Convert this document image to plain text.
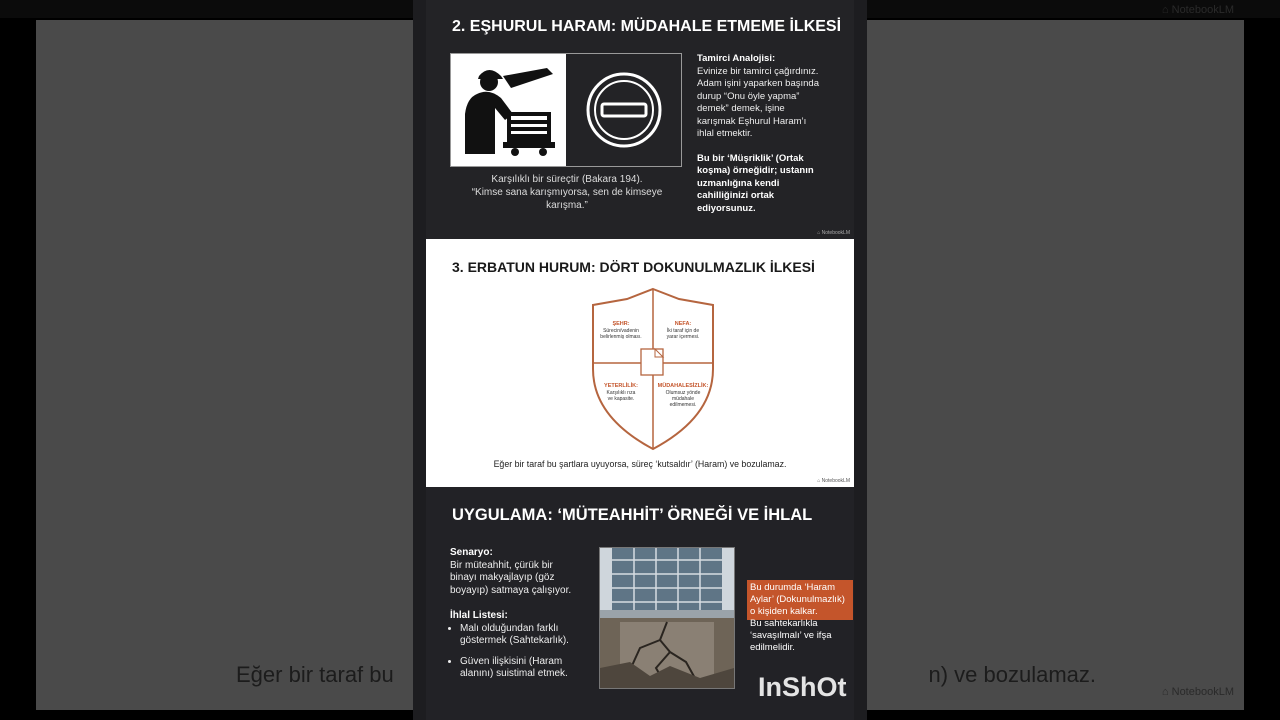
Eğer bir taraf bu	n) ve bozulamaz.
⌂ NotebookLM
⌂ NotebookLM
2. EŞHURUL HARAM: MÜDAHALE ETMEME İLKESİ
Karşılıklı bir süreçtir (Bakara 194).
“Kimse sana karışmıyorsa, sen de kimseye
karışma.”
Tamirci Analojisi:
Evinize bir tamirci çağırdınız.
Adam işini yaparken başında
durup “Onu öyle yapma”
demek” demek, işine
karışmak Eşhurul Haram’ı
ihlal etmektir.
Bu bir ‘Müşriklik’ (Ortak
koşma) örneğidir; ustanın
uzmanlığına kendi
cahilliğinizi ortak
ediyorsunuz.
⌂ NotebookLM
3. ERBATUN HURUM: DÖRT DOKUNULMAZLIK İLKESİ
ŞEHR:
Sürecin/vadenin
belirlenmiş olması.
NEFA:
İki taraf için de
yarar içermesi.
YETERLİLİK:
Karşılıklı rıza
ve kapasite.
MÜDAHALESİZLİK:
Olumsuz yönde
müdahale
edilmemesi.
Eğer bir taraf bu şartlara uyuyorsa, süreç ‘kutsaldır’ (Haram) ve bozulamaz.
⌂ NotebookLM
UYGULAMA: ‘MÜTEAHHİT’ ÖRNEĞİ VE İHLAL
Senaryo:
Bir müteahhit, çürük bir binayı makyajlayıp (göz boyayıp) satmaya çalışıyor.
İhlal Listesi:
• Malı olduğundan farklı göstermek (Sahtekarlık).
• Güven ilişkisini (Haram alanını) suistimal etmek.
Bu durumda ‘Haram Aylar’ (Dokunulmazlık) o kişiden kalkar.
Bu sahtekarlıkla ‘savaşılmalı’ ve ifşa edilmelidir.
InShOt
